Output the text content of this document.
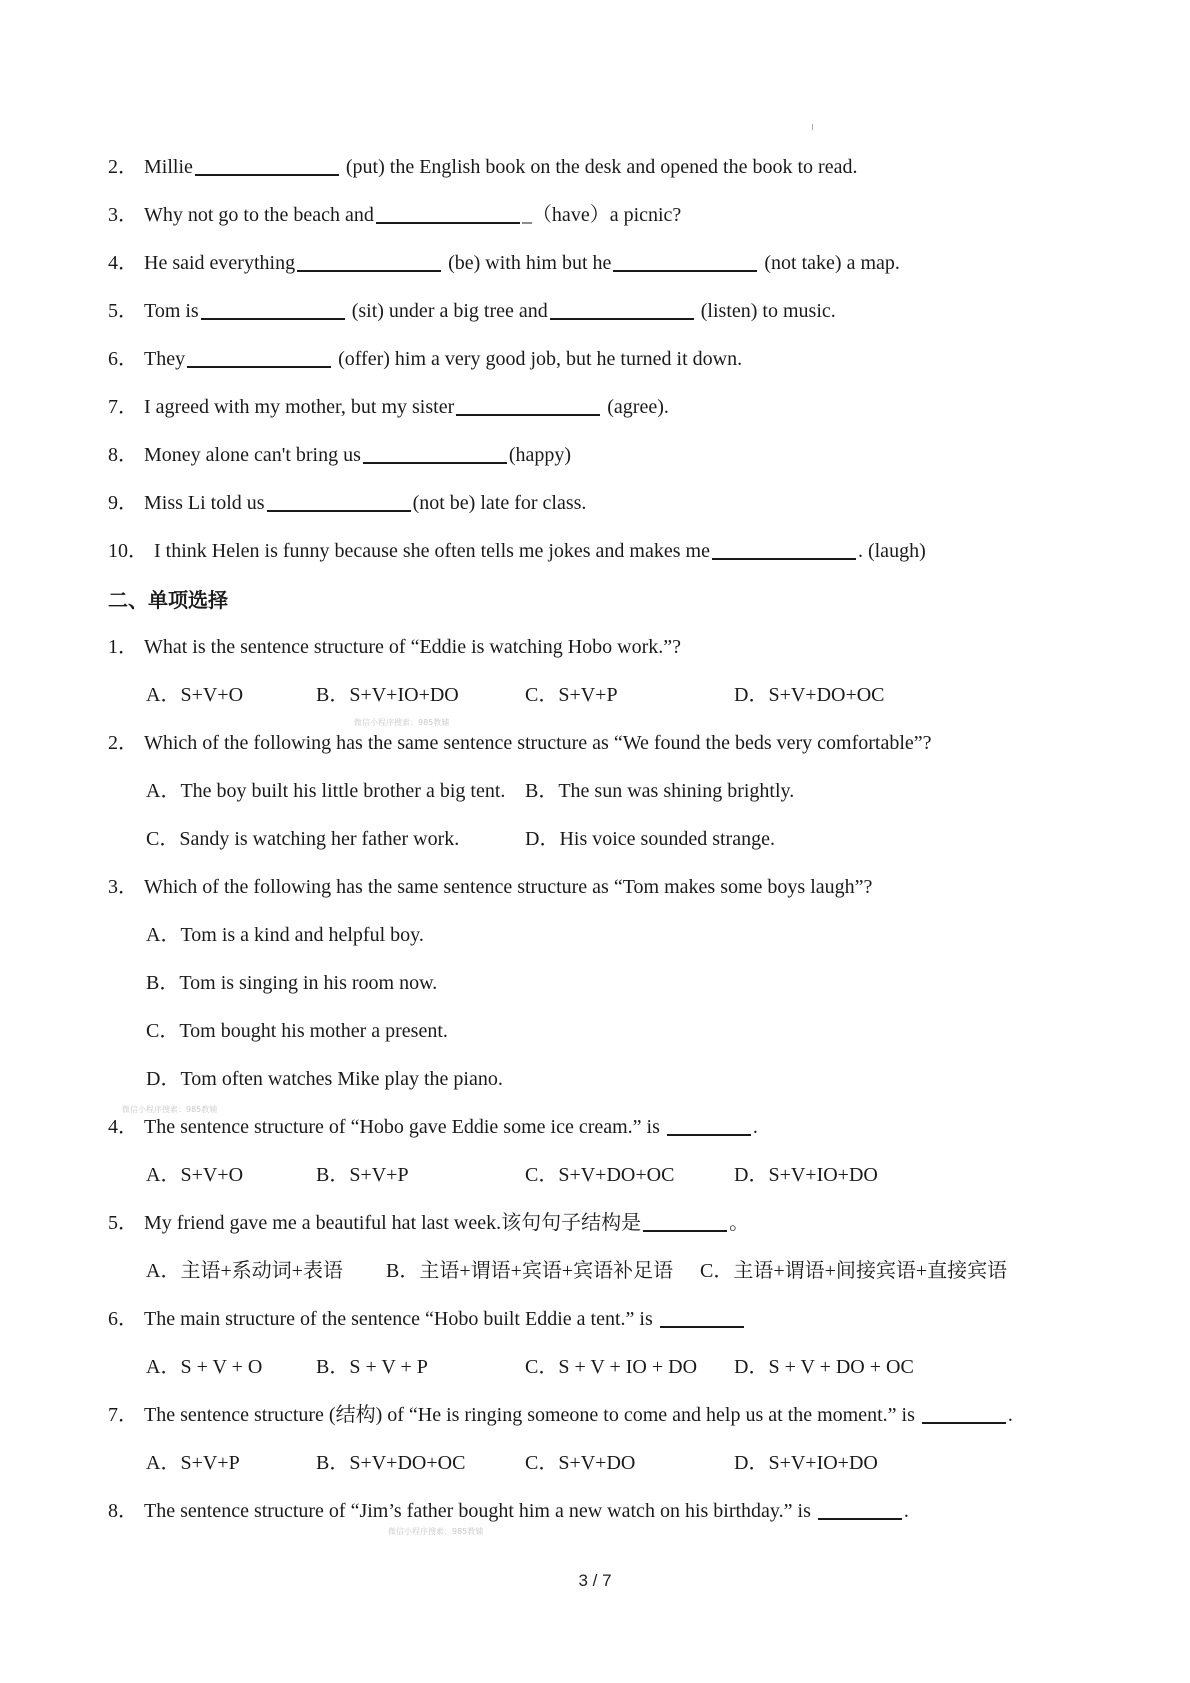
2． Millie	(put) the English book on the desk and opened the book to read.
3． Why not go to the beach and	_（have）a picnic?
4． He said everything	(be) with him but he	(not take) a map.
5． Tom is	(sit) under a big tree and	(listen) to music.
6． They	(offer) him a very good job, but he turned it down.
7． I agreed with my mother, but my sister	(agree).
8． Money alone can't bring us	(happy)
9． Miss Li told us	(not be) late for class.
10． I think Helen is funny because she often tells me jokes and makes me	. (laugh)
二、单项选择
1． What is the sentence structure of “Eddie is watching Hobo work.”?
A．S+V+O	B．S+V+IO+DO	C．S+V+P	D．S+V+DO+OC
微信小程序搜索：985教辅
2． Which of the following has the same sentence structure as “We found the beds very comfortable”?
A．The boy built his little brother a big tent. B．The sun was shining brightly.
C．Sandy is watching her father work.	D．His voice sounded strange.
3． Which of the following has the same sentence structure as “Tom makes some boys laugh”?
A．Tom is a kind and helpful boy.
B．Tom is singing in his room now.
C．Tom bought his mother a present.
D．Tom often watches Mike play the piano.
微信小程序搜索：985教辅
4． The sentence structure of “Hobo gave Eddie some ice cream.” is	.
A．S+V+O	B．S+V+P	C．S+V+DO+OC	D．S+V+IO+DO
5． My friend gave me a beautiful hat last week.该句句子结构是	。
A．主语+系动词+表语 B．主语+谓语+宾语+宾语补足语 C．主语+谓语+间接宾语+直接宾语
6． The main structure of the sentence “Hobo built Eddie a tent.” is
A．S + V + O	B．S + V + P	C．S + V + IO + DO D．S + V + DO + OC
7． The sentence structure (结构) of “He is ringing someone to come and help us at the moment.” is	.
A．S+V+P	B．S+V+DO+OC	C．S+V+DO	D．S+V+IO+DO
8． The sentence structure of “Jim’s father bought him a new watch on his birthday.” is	.
微信小程序搜索：985教辅
3 / 7
